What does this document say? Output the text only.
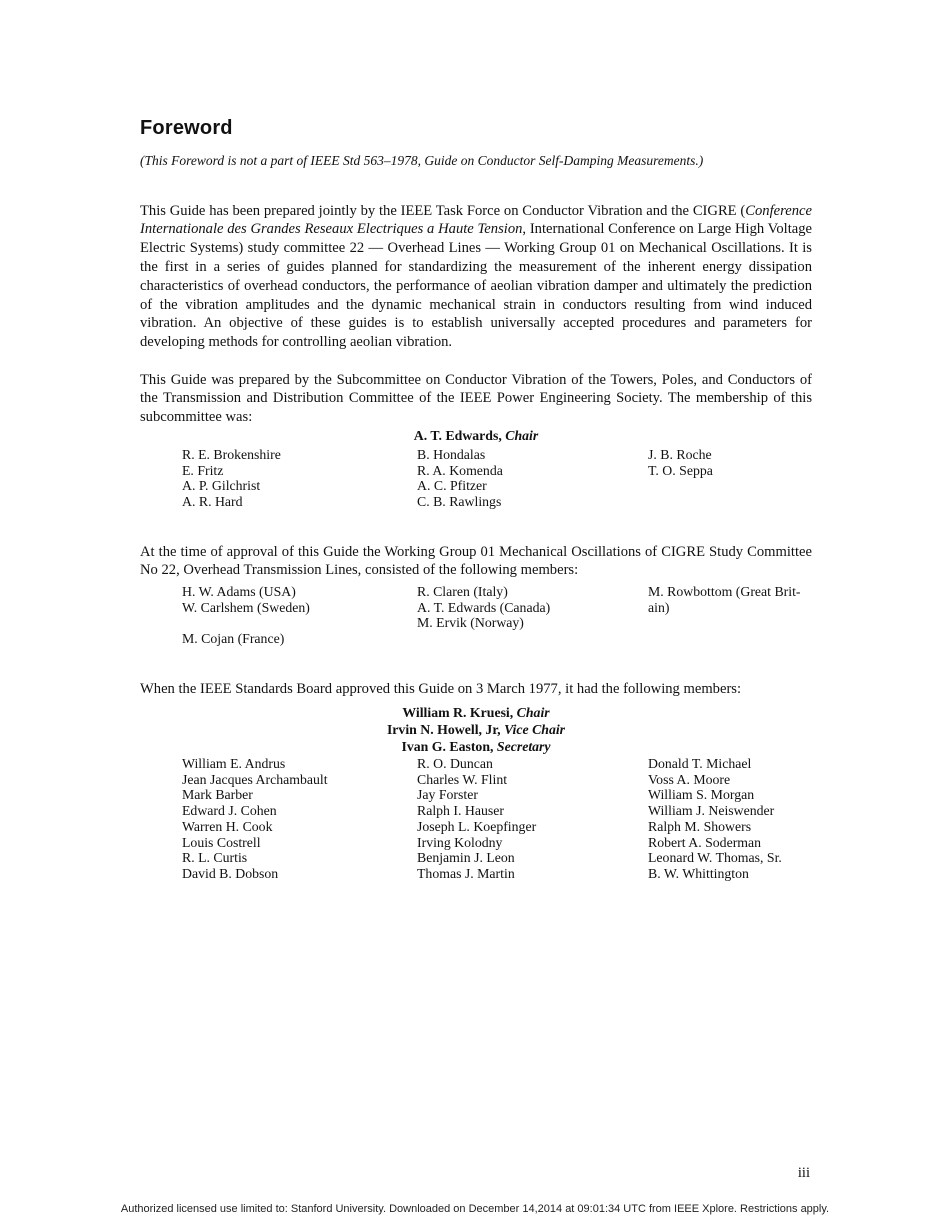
Foreword
(This Foreword is not a part of IEEE Std 563–1978, Guide on Conductor Self-Damping Measurements.)

This Guide has been prepared jointly by the IEEE Task Force on Conductor Vibration and the CIGRE (Conference Internationale des Grandes Reseaux Electriques a Haute Tension, International Conference on Large High Voltage Electric Systems) study committee 22 — Overhead Lines — Working Group 01 on Mechanical Oscillations. It is the first in a series of guides planned for standardizing the measurement of the inherent energy dissipation characteristics of overhead conductors, the performance of aeolian vibration damper and ultimately the prediction of the vibration amplitudes and the dynamic mechanical strain in conductors resulting from wind induced vibration. An objective of these guides is to establish universally accepted procedures and parameters for developing methods for controlling aeolian vibration.

This Guide was prepared by the Subcommittee on Conductor Vibration of the Towers, Poles, and Conductors of the Transmission and Distribution Committee of the IEEE Power Engineering Society. The membership of this subcommittee was:

A. T. Edwards, Chair
R. E. Brokenshire
E. Fritz
A. P. Gilchrist
A. R. Hard
B. Hondalas
R. A. Komenda
A. C. Pfitzer
C. B. Rawlings
J. B. Roche
T. O. Seppa

At the time of approval of this Guide the Working Group 01 Mechanical Oscillations of CIGRE Study Committee No 22, Overhead Transmission Lines, consisted of the following members:

H. W. Adams (USA)
W. Carlshem (Sweden)

M. Cojan (France)
R. Claren (Italy)
A. T. Edwards (Canada)
M. Ervik (Norway)
M. Rowbottom (Great Brit-
ain)

When the IEEE Standards Board approved this Guide on 3 March 1977, it had the following members:

William R. Kruesi, Chair
Irvin N. Howell, Jr, Vice Chair
Ivan G. Easton, Secretary
William E. Andrus
Jean Jacques Archambault
Mark Barber
Edward J. Cohen
Warren H. Cook
Louis Costrell
R. L. Curtis
David B. Dobson
R. O. Duncan
Charles W. Flint
Jay Forster
Ralph I. Hauser
Joseph L. Koepfinger
Irving Kolodny
Benjamin J. Leon
Thomas J. Martin
Donald T. Michael
Voss A. Moore
William S. Morgan
William J. Neiswender
Ralph M. Showers
Robert A. Soderman
Leonard W. Thomas, Sr.
B. W. Whittington
iii
Authorized licensed use limited to: Stanford University. Downloaded on December 14,2014 at 09:01:34 UTC from IEEE Xplore. Restrictions apply.
